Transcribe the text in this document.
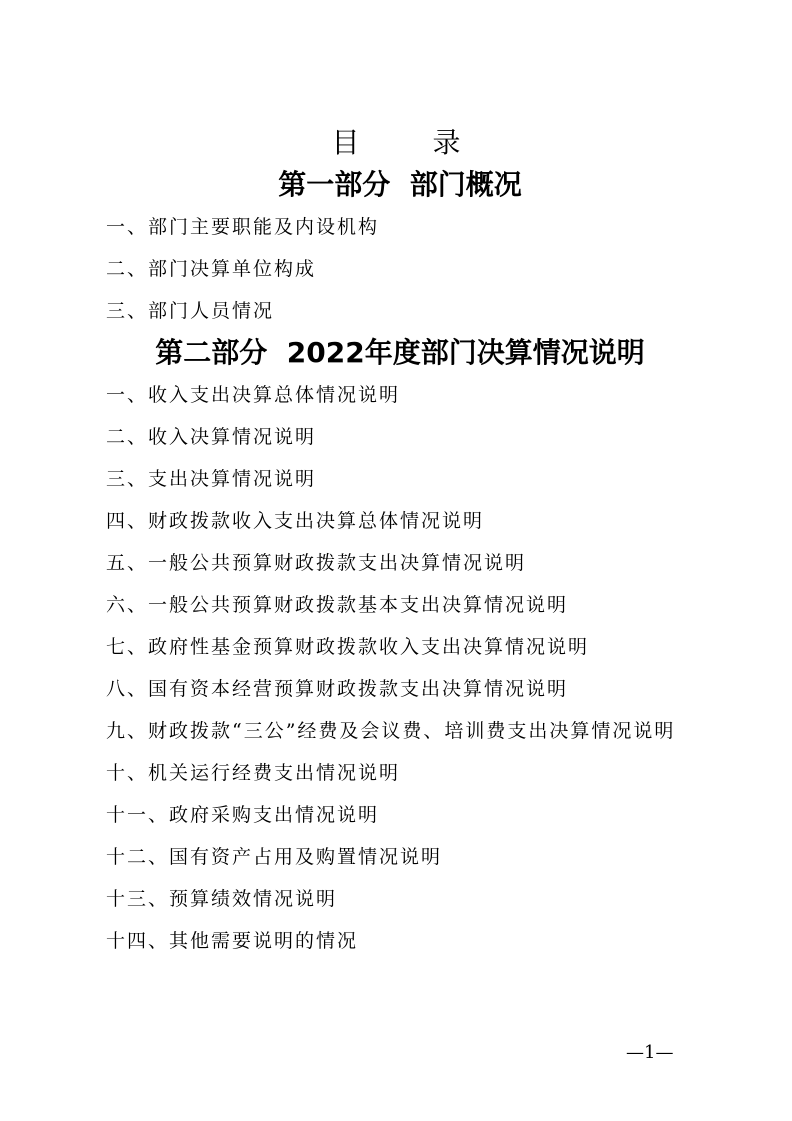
目 录
第一部分  部门概况
一、部门主要职能及内设机构
二、部门决算单位构成
三、部门人员情况
第二部分  2022年度部门决算情况说明
一、收入支出决算总体情况说明
二、收入决算情况说明
三、支出决算情况说明
四、财政拨款收入支出决算总体情况说明
五、一般公共预算财政拨款支出决算情况说明
六、一般公共预算财政拨款基本支出决算情况说明
七、政府性基金预算财政拨款收入支出决算情况说明
八、国有资本经营预算财政拨款支出决算情况说明
九、财政拨款“三公”经费及会议费、培训费支出决算情况说明
十、机关运行经费支出情况说明
十一、政府采购支出情况说明
十二、国有资产占用及购置情况说明
十三、预算绩效情况说明
十四、其他需要说明的情况
—1—
